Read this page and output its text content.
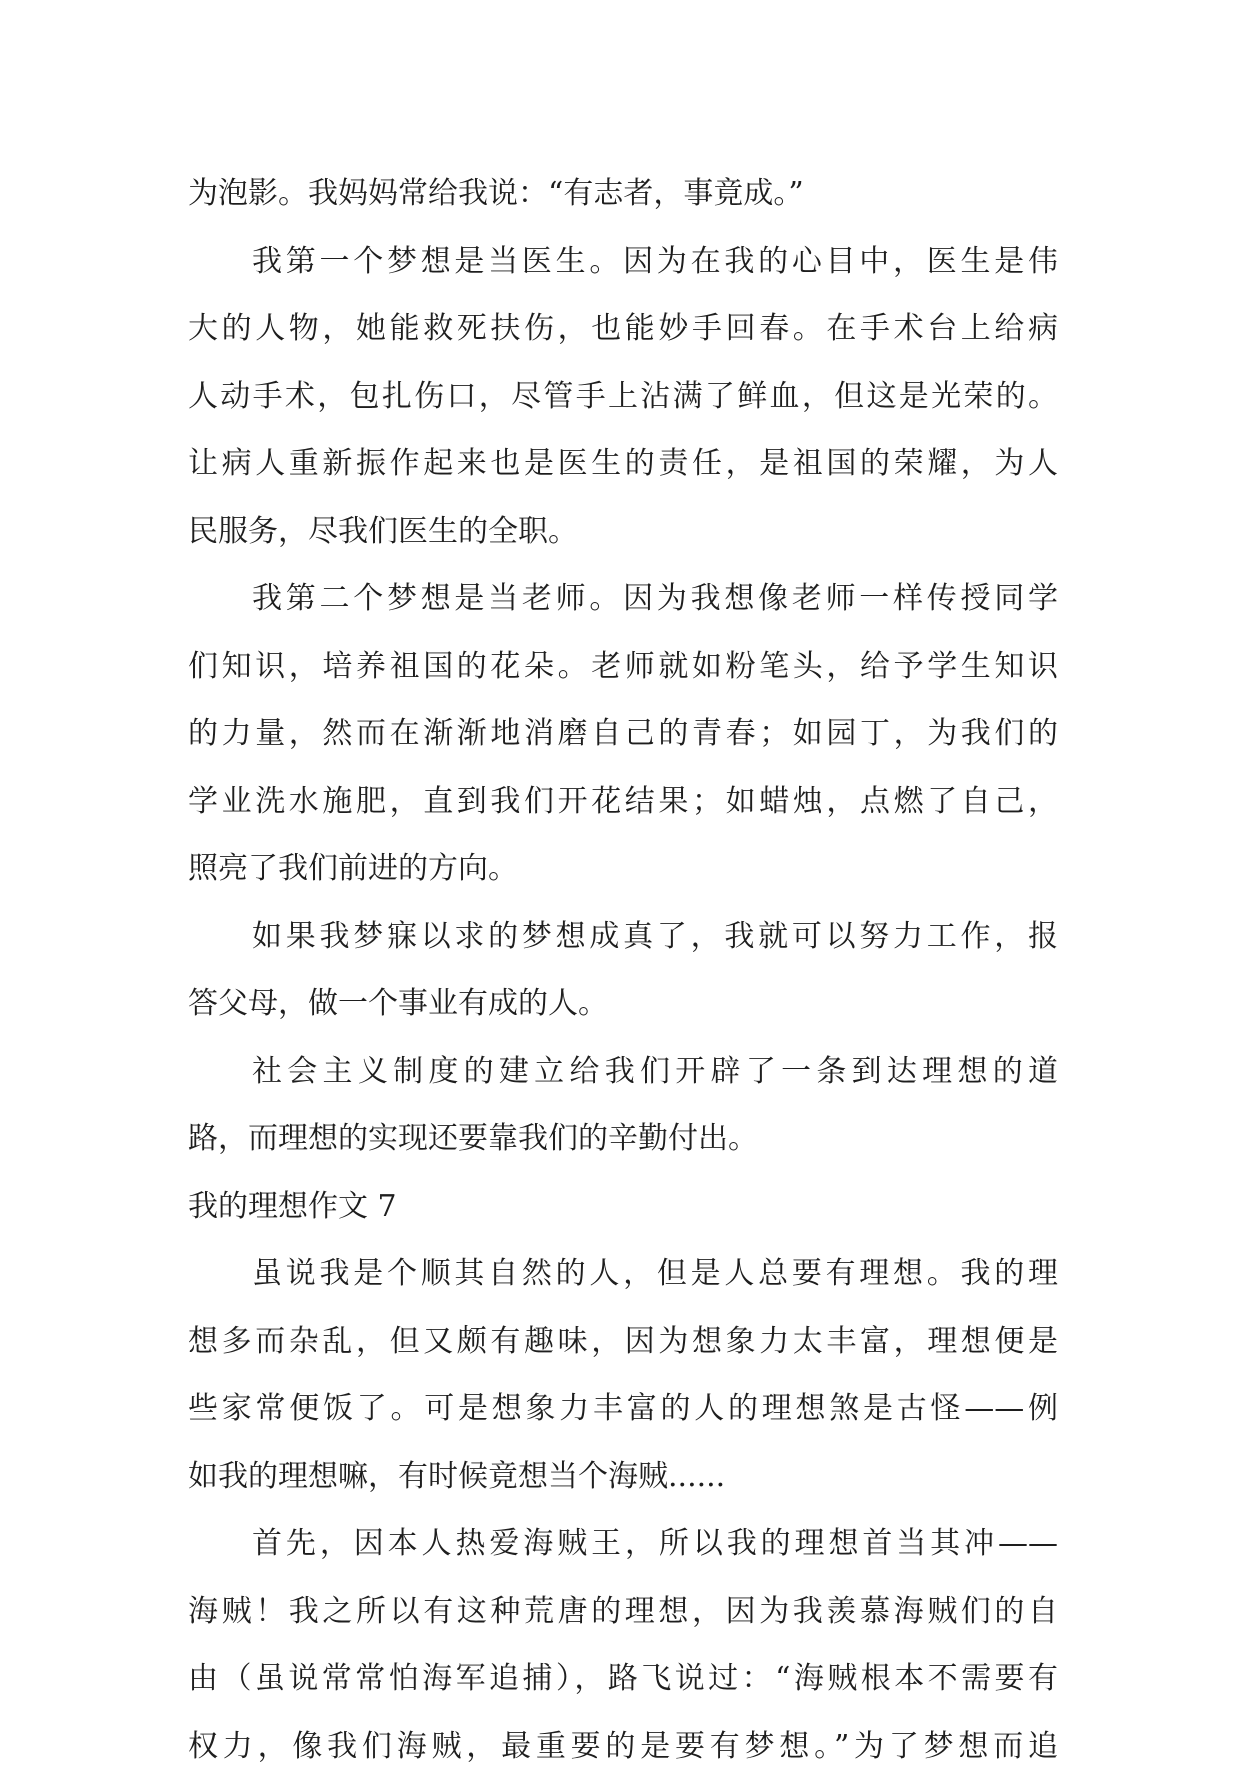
为泡影。我妈妈常给我说：“有志者，事竟成。”
我第一个梦想是当医生。因为在我的心目中，医生是伟
大的人物，她能救死扶伤，也能妙手回春。在手术台上给病
人动手术，包扎伤口，尽管手上沾满了鲜血，但这是光荣的。
让病人重新振作起来也是医生的责任，是祖国的荣耀，为人
民服务，尽我们医生的全职。
我第二个梦想是当老师。因为我想像老师一样传授同学
们知识，培养祖国的花朵。老师就如粉笔头，给予学生知识
的力量，然而在渐渐地消磨自己的青春；如园丁，为我们的
学业洗水施肥，直到我们开花结果；如蜡烛，点燃了自己，
照亮了我们前进的方向。
如果我梦寐以求的梦想成真了，我就可以努力工作，报
答父母，做一个事业有成的人。
社会主义制度的建立给我们开辟了一条到达理想的道
路，而理想的实现还要靠我们的辛勤付出。
我的理想作文 7
虽说我是个顺其自然的人，但是人总要有理想。我的理
想多而杂乱，但又颇有趣味，因为想象力太丰富，理想便是
些家常便饭了。可是想象力丰富的人的理想煞是古怪——例
如我的理想嘛，有时候竟想当个海贼......
首先，因本人热爱海贼王，所以我的理想首当其冲——
海贼！我之所以有这种荒唐的理想，因为我羡慕海贼们的自
由（虽说常常怕海军追捕），路飞说过：“海贼根本不需要有
权力，像我们海贼，最重要的是要有梦想。”为了梦想而追
